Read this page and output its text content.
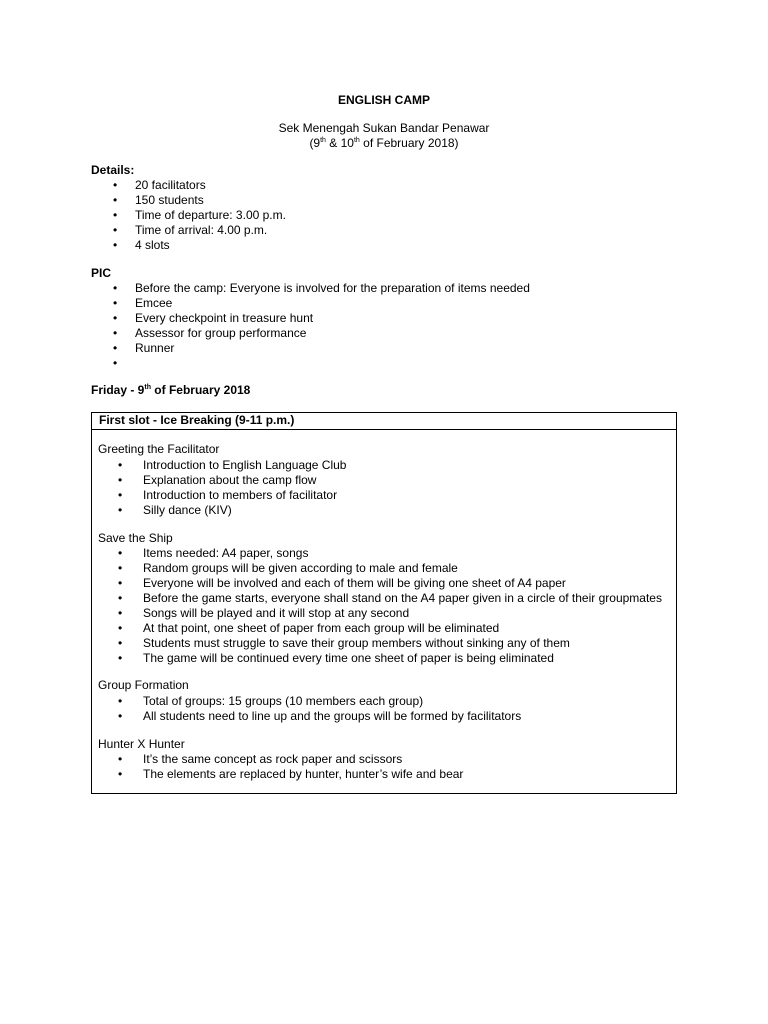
ENGLISH CAMP
Sek Menengah Sukan Bandar Penawar
(9th & 10th of February 2018)
Details:
• 20 facilitators
• 150 students
• Time of departure: 3.00 p.m.
• Time of arrival: 4.00 p.m.
• 4 slots
PIC
• Before the camp: Everyone is involved for the preparation of items needed
• Emcee
• Every checkpoint in treasure hunt
• Assessor for group performance
• Runner
•
Friday - 9th of February 2018
First slot - Ice Breaking (9-11 p.m.)
Greeting the Facilitator
• Introduction to English Language Club
• Explanation about the camp flow
• Introduction to members of facilitator
• Silly dance (KIV)
Save the Ship
• Items needed: A4 paper, songs
• Random groups will be given according to male and female
• Everyone will be involved and each of them will be giving one sheet of A4 paper
• Before the game starts, everyone shall stand on the A4 paper given in a circle of their groupmates
• Songs will be played and it will stop at any second
• At that point, one sheet of paper from each group will be eliminated
• Students must struggle to save their group members without sinking any of them
• The game will be continued every time one sheet of paper is being eliminated
Group Formation
• Total of groups: 15 groups (10 members each group)
• All students need to line up and the groups will be formed by facilitators
Hunter X Hunter
• It’s the same concept as rock paper and scissors
• The elements are replaced by hunter, hunter’s wife and bear
